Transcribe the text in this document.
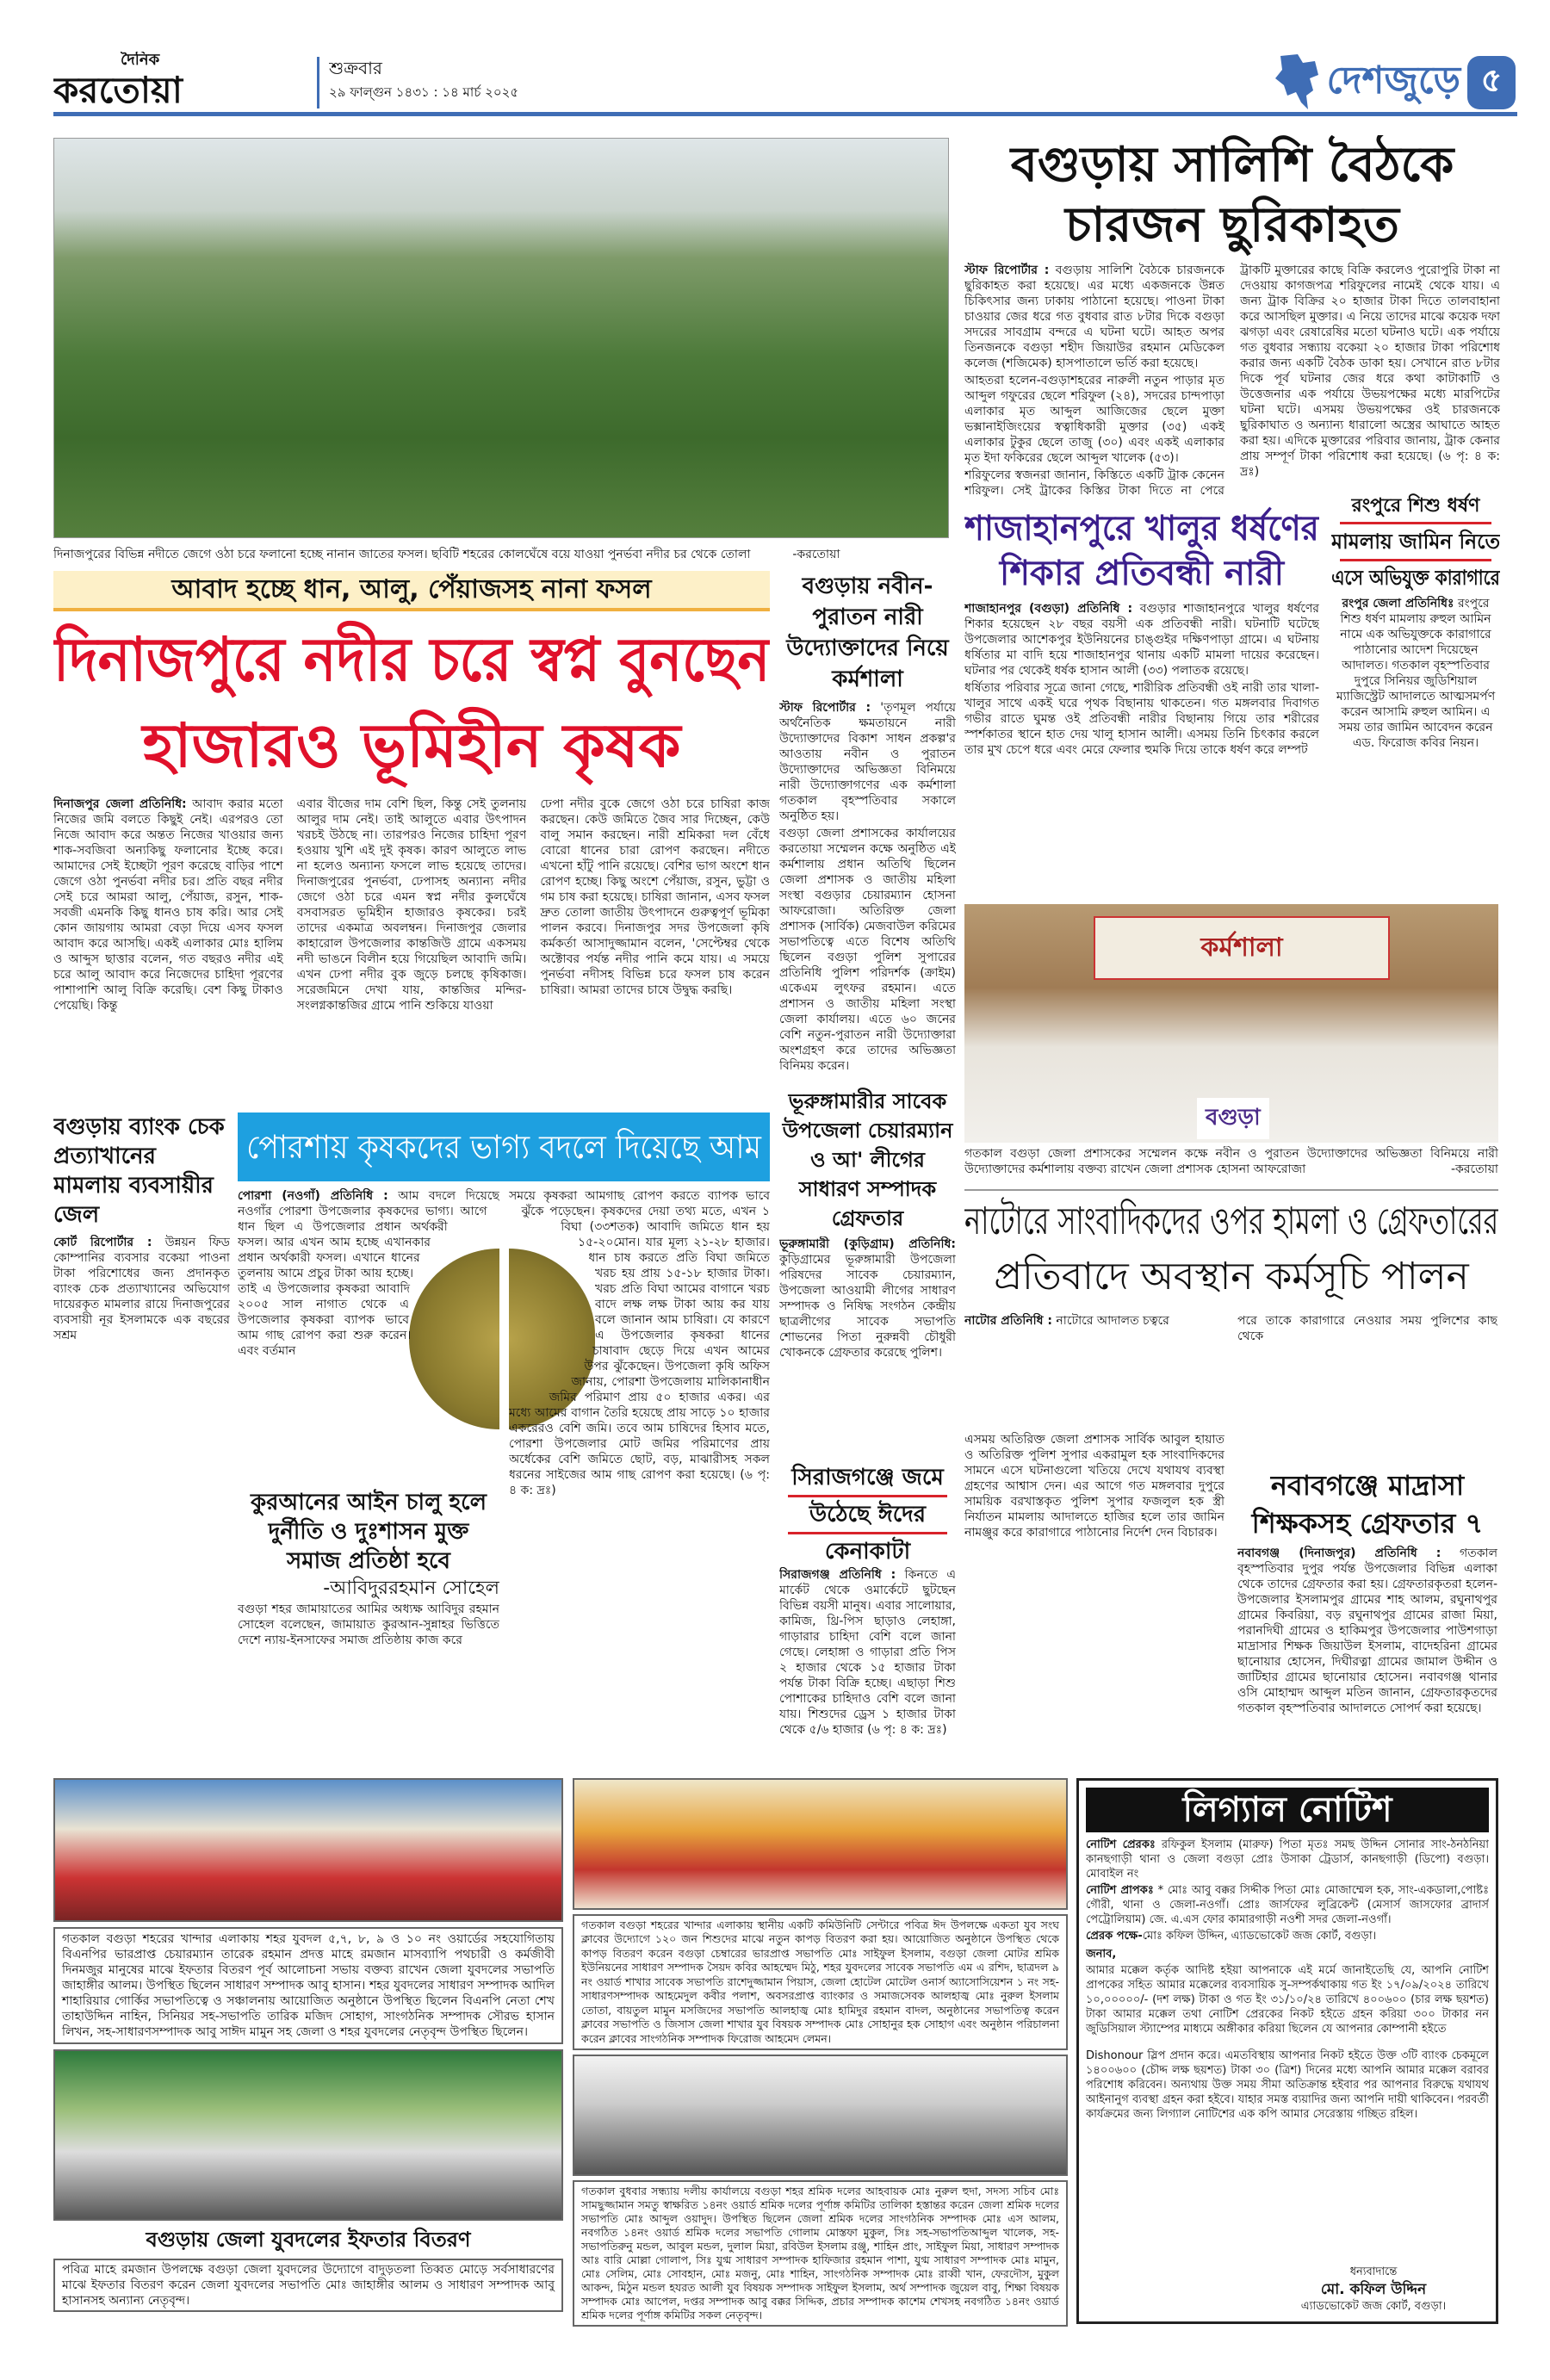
দৈনিক
করতোয়া
শুক্রবার
২৯ ফাল্গুন ১৪৩১ : ১৪ মার্চ ২০২৫	দেশজুড়ে ৫
দিনাজপুরের বিভিন্ন নদীতে জেগে ওঠা চরে ফলানো হচ্ছে নানান জাতের ফসল। ছবিটি শহরের কোলঘেঁষে বয়ে যাওয়া পুনর্ভবা নদীর চর থেকে তোলা	-করতোয়া
বগুড়ায় সালিশি বৈঠকে
চারজন ছুরিকাহত

স্টাফ রিপোর্টার : বগুড়ায় সালিশি বৈঠকে চারজনকে ছুরিকাহত করা হয়েছে। এর মধ্যে একজনকে উন্নত চিকিৎসার জন্য ঢাকায় পাঠানো হয়েছে। পাওনা টাকা চাওয়ার জের ধরে গত বুধবার রাত ৮টার দিকে বগুড়া সদরের সাবগ্রাম বন্দরে এ ঘটনা ঘটে। আহত অপর তিনজনকে বগুড়া শহীদ জিয়াউর রহমান মেডিকেল কলেজ (শজিমেক) হাসপাতালে ভর্তি করা হয়েছে।

আহতরা হলেন-বগুড়াশহরের নারুলী নতুন পাড়ার মৃত আব্দুল গফুরের ছেলে শরিফুল (২৪), সদরের চান্দপাড়া এলাকার মৃত আব্দুল আজিজের ছেলে মুক্তা ভক্সানাইজিংয়ের স্বত্বাধিকারী মুক্তার (৩৫) একই এলাকার টুকুর ছেলে তাজু (৩০) এবং একই এলাকার মৃত ইদা ফকিরের ছেলে আব্দুল খালেক (৫৩)।

শরিফুলের স্বজনরা জানান, কিস্তিতে একটি ট্রাক কেনেন শরিফুল। সেই ট্রাকের কিস্তির টাকা দিতে না পেরে ট্রাকটি মুক্তারের কাছে বিক্রি করলেও পুরোপুরি টাকা না দেওয়ায় কাগজপত্র শরিফুলের নামেই থেকে যায়। এ জন্য ট্রাক বিক্রির ২০ হাজার টাকা দিতে তালবাহানা করে আসছিল মুক্তার। এ নিয়ে তাদের মাঝে কয়েক দফা ঝগড়া এবং রেষারেষির মতো ঘটনাও ঘটে। এক পর্যায়ে গত বুধবার সন্ধ্যায় বকেয়া ২০ হাজার টাকা পরিশোধ করার জন্য একটি বৈঠক ডাকা হয়। সেখানে রাত ৮টার দিকে পূর্ব ঘটনার জের ধরে কথা কাটাকাটি ও উত্তেজনার এক পর্যায়ে উভয়পক্ষের মধ্যে মারপিটের ঘটনা ঘটে। এসময় উভয়পক্ষের ওই চারজনকে ছুরিকাঘাত ও অন্যান্য ধারালো অস্ত্রের আঘাতে আহত করা হয়। এদিকে মুক্তারের পরিবার জানায়, ট্রাক কেনার প্রায় সম্পূর্ণ টাকা পরিশোধ করা হয়েছে। (৬ পৃ: ৪ ক: দ্রঃ)

আবাদ হচ্ছে ধান, আলু, পেঁয়াজসহ নানা ফসল
দিনাজপুরে নদীর চরে স্বপ্ন বুনছেন
হাজারও ভূমিহীন কৃষক
দিনাজপুর জেলা প্রতিনিধি: আবাদ করার মতো নিজের জমি বলতে কিছুই নেই। এরপরও তো নিজে আবাদ করে অন্তত নিজের খাওয়ার জন্য শাক-সবজিবা অন্যকিছু ফলানোর ইচ্ছে করে। আমাদের সেই ইচ্ছেটা পূরণ করেছে বাড়ির পাশে জেগে ওঠা পুনর্ভবা নদীর চর। প্রতি বছর নদীর সেই চরে আমরা আলু, পেঁয়াজ, রসুন, শাক-সবজী এমনকি কিছু ধানও চাষ করি। আর সেই কোন জায়গায় আমরা বেড়া দিয়ে এসব ফসল আবাদ করে আসছি। একই এলাকার মোঃ হালিম ও আব্দুস ছাত্তার বলেন, গত বছরও নদীর এই চরে আলু আবাদ করে নিজেদের চাহিদা পূরণের পাশাপাশি আলু বিক্রি করেছি। বেশ কিছু টাকাও পেয়েছি। কিন্তু
এবার বীজের দাম বেশি ছিল, কিন্তু সেই তুলনায় আলুর দাম নেই। তাই আলুতে এবার উৎপাদন খরচই উঠছে না। তারপরও নিজের চাহিদা পূরণ হওয়ায় খুশি এই দুই কৃষক। কারণ আলুতে লাভ না হলেও অন্যান্য ফসলে লাভ হয়েছে তাদের। দিনাজপুরের পুনর্ভবা, ঢেপাসহ অন্যান্য নদীর জেগে ওঠা চরে এমন স্বপ্ন নদীর কুলঘেঁষে বসবাসরত ভূমিহীন হাজারও কৃষকের। চরই তাদের একমাত্র অবলম্বন। দিনাজপুর জেলার কাহারোল উপজেলার কান্তজিউ গ্রামে একসময় নদী ভাঙনে বিলীন হয়ে গিয়েছিল আবাদি জমি। এখন ঢেপা নদীর বুক জুড়ে চলছে কৃষিকাজ। সরেজমিনে দেখা যায়, কান্তজির মন্দির-সংলগ্নকান্তজির গ্রামে পানি শুকিয়ে যাওয়া
ঢেপা নদীর বুকে জেগে ওঠা চরে চাষিরা কাজ করছেন। কেউ জমিতে জৈব সার দিচ্ছেন, কেউ বালু সমান করছেন। নারী শ্রমিকরা দল বেঁধে বোরো ধানের চারা রোপণ করছেন। নদীতে এখনো হাঁটু পানি রয়েছে। বেশির ভাগ অংশে ধান রোপণ হচ্ছে। কিছু অংশে পেঁয়াজ, রসুন, ভুট্টা ও গম চাষ করা হয়েছে। চাষিরা জানান, এসব ফসল দ্রুত তোলা জাতীয় উৎপাদনে গুরুত্বপূর্ণ ভূমিকা পালন করবে। দিনাজপুর সদর উপজেলা কৃষি কর্মকর্তা আসাদুজ্জামান বলেন, 'সেপ্টেম্বর থেকে অক্টোবর পর্যন্ত নদীর পানি কমে যায়। এ সময়ে পুনর্ভবা নদীসহ বিভিন্ন চরে ফসল চাষ করেন চাষিরা। আমরা তাদের চাষে উদ্বুদ্ধ করছি।
বগুড়ায় নবীন-পুরাতন নারী উদ্যোক্তাদের নিয়ে কর্মশালা

স্টাফ রিপোর্টার : 'তৃণমূল পর্যায়ে অর্থনৈতিক ক্ষমতায়নে নারী উদ্যোক্তাদের বিকাশ সাধন প্রকল্প'র আওতায় নবীন ও পুরাতন উদ্যোক্তাদের অভিজ্ঞতা বিনিময়ে নারী উদ্যোক্তাগণের এক কর্মশালা গতকাল বৃহস্পতিবার সকালে অনুষ্ঠিত হয়।

বগুড়া জেলা প্রশাসকের কার্যালয়ের করতোয়া সম্মেলন কক্ষে অনুষ্ঠিত এই কর্মশালায় প্রধান অতিথি ছিলেন জেলা প্রশাসক ও জাতীয় মহিলা সংস্থা বগুড়ার চেয়ারম্যান হোসনা আফরোজা। অতিরিক্ত জেলা প্রশাসক (সার্বিক) মেজবাউল করিমের সভাপতিত্বে এতে বিশেষ অতিথি ছিলেন বগুড়া পুলিশ সুপারের প্রতিনিধি পুলিশ পরিদর্শক (ক্রাইম) একেএম লুৎফর রহমান। এতে প্রশাসন ও জাতীয় মহিলা সংস্থা জেলা কার্যালয়। এতে ৬০ জনের বেশি নতুন-পুরাতন নারী উদ্যোক্তারা অংশগ্রহণ করে তাদের অভিজ্ঞতা বিনিময় করেন।

শাজাহানপুরে খালুর ধর্ষণের
শিকার প্রতিবন্ধী নারী

শাজাহানপুর (বগুড়া) প্রতিনিধি : বগুড়ার শাজাহানপুরে খালুর ধর্ষণের শিকার হয়েছেন ২৮ বছর বয়সী এক প্রতিবন্ধী নারী। ঘটনাটি ঘটেছে উপজেলার আশেকপুর ইউনিয়নের চাঙ্গুইর দক্ষিণপাড়া গ্রামে। এ ঘটনায় ধর্ষিতার মা বাদি হয়ে শাজাহানপুর থানায় একটি মামলা দায়ের করেছেন। ঘটনার পর থেকেই ধর্ষক হাসান আলী (৩৩) পলাতক রয়েছে।

ধর্ষিতার পরিবার সূত্রে জানা গেছে, শারীরিক প্রতিবন্ধী ওই নারী তার খালা-খালুর সাথে একই ঘরে পৃথক বিছানায় থাকতেন। গত মঙ্গলবার দিবাগত গভীর রাতে ঘুমন্ত ওই প্রতিবন্ধী নারীর বিছানায় গিয়ে তার শরীরের স্পর্শকাতর স্থানে হাত দেয় খালু হাসান আলী। এসময় তিনি চিৎকার করলে তার মুখ চেপে ধরে এবং মেরে ফেলার হুমকি দিয়ে তাকে ধর্ষণ করে লম্পট

রংপুরে শিশু ধর্ষণ
মামলায় জামিন নিতে
এসে অভিযুক্ত কারাগারে
রংপুর জেলা প্রতিনিধিঃ রংপুরে শিশু ধর্ষণ মামলায় রুহুল আমিন নামে এক অভিযুক্তকে কারাগারে পাঠানোর আদেশ দিয়েছেন আদালত। গতকাল বৃহস্পতিবার দুপুরে সিনিয়র জুডিশিয়াল ম্যাজিস্ট্রেট আদালতে আত্মসমর্পণ করেন আসামি রুহুল আমিন। এ সময় তার জামিন আবেদন করেন এড. ফিরোজ কবির নিয়ন।
কর্মশালা
বগুড়া
গতকাল বগুড়া জেলা প্রশাসকের সম্মেলন কক্ষে নবীন ও পুরাতন উদ্যোক্তাদের অভিজ্ঞতা বিনিময়ে নারী উদ্যোক্তাদের কর্মশালায় বক্তব্য রাখেন জেলা প্রশাসক হোসনা আফরোজা	-করতোয়া
নাটোরে সাংবাদিকদের ওপর হামলা ও গ্রেফতারের
প্রতিবাদে অবস্থান কর্মসূচি পালন

নাটোর প্রতিনিধি : নাটোরে আদালত চত্বরে

এসময় অতিরিক্ত জেলা প্রশাসক সার্বিক আবুল হায়াত ও অতিরিক্ত পুলিশ সুপার একরামুল হক সাংবাদিকদের সামনে এসে ঘটনাগুলো খতিয়ে দেখে যথাযথ ব্যবস্থা গ্রহণের আশ্বাস দেন। এর আগে গত মঙ্গলবার দুপুরে সাময়িক বরখাস্তকৃত পুলিশ সুপার ফজলুল হক স্ত্রী নির্যাতন মামলায় আদালতে হাজির হলে তার জামিন নামঞ্জুর করে কারাগারে পাঠানোর নির্দেশ দেন বিচারক।

পরে তাকে কারাগারে নেওয়ার সময় পুলিশের কাছ থেকে

নবাবগঞ্জে মাদ্রাসা
শিক্ষকসহ গ্রেফতার ৭
নবাবগঞ্জ (দিনাজপুর) প্রতিনিধি : গতকাল বৃহস্পতিবার দুপুর পর্যন্ত উপজেলার বিভিন্ন এলাকা থেকে তাদের গ্রেফতার করা হয়। গ্রেফতারকৃতরা হলেন- উপজেলার ইসলামপুর গ্রামের শাহ আলম, রঘুনাথপুর গ্রামের কিবরিয়া, বড় রঘুনাথপুর গ্রামের রাজা মিয়া, পরানদিঘী গ্রামের ও হাকিমপুর উপজেলার পাউশগাড়া মাদ্রাসার শিক্ষক জিয়াউল ইসলাম, বাদেহরিনা গ্রামের ছানোয়ার হোসেন, দিঘীরত্না গ্রামের জামাল উদ্দীন ও জাটিহার গ্রামের ছানোয়ার হোসেন। নবাবগঞ্জ থানার ওসি মোহাম্মদ আব্দুল মতিন জানান, গ্রেফতারকৃতদের গতকাল বৃহস্পতিবার আদালতে সোপর্দ করা হয়েছে।
বগুড়ায় ব্যাংক চেক প্রত্যাখানের মামলায় ব্যবসায়ীর জেল
কোর্ট রিপোর্টার : উন্নয়ন ফিড কোম্পানির ব্যবসার বকেয়া পাওনা টাকা পরিশোধের জন্য প্রদানকৃত ব্যাংক চেক প্রত্যাখ্যানের অভিযোগ দায়েরকৃত মামলার রায়ে দিনাজপুরের ব্যবসায়ী নূর ইসলামকে এক বছরের সশ্রম
পোরশায় কৃষকদের ভাগ্য বদলে দিয়েছে আম
পোরশা (নওগাঁ) প্রতিনিধি : আম বদলে দিয়েছে নওগাঁর পোরশা উপজেলার কৃষকদের ভাগ্য। আগে ধান ছিল এ উপজেলার প্রধান অর্থকরী ফসল। আর এখন আম হচ্ছে এখানকার প্রধান অর্থকারী ফসল। এখানে ধানের তুলনায় আমে প্রচুর টাকা আয় হচ্ছে। তাই এ উপজেলার কৃষকরা আবাদি ২০০৫ সাল নাগাত থেকে এ উপজেলার কৃষকরা ব্যাপক ভাবে আম গাছ রোপণ করা শুরু করেন। এবং বর্তমান
সময়ে কৃষকরা আমগাছ রোপণ করতে ব্যাপক ভাবে ঝুঁকে পড়েছেন। কৃষকদের দেয়া তথ্য মতে, এখন ১ বিঘা (৩৩শতক) আবাদি জমিতে ধান হয় ১৫-২০মোন। যার মূল্য ২১-২৮ হাজার। ধান চাষ করতে প্রতি বিঘা জমিতে খরচ হয় প্রায় ১৫-১৮ হাজার টাকা। খরচ প্রতি বিঘা আমের বাগানে খরচ বাদে লক্ষ লক্ষ টাকা আয় কর যায় বলে জানান আম চাষিরা। যে কারণে এ উপজেলার কৃষকরা ধানের চাষাবাদ ছেড়ে দিয়ে এখন আমের উপর ঝুঁকেছেন। উপজেলা কৃষি অফিস জানায়, পোরশা উপজেলায় মালিকানাধীন জমির পরিমাণ প্রায় ৫০ হাজার একর। এর মধ্যে আমের বাগান তৈরি হয়েছে প্রায় সাড়ে ১০ হাজার একরেরও বেশি জমি। তবে আম চাষিদের হিসাব মতে, পোরশা উপজেলার মোট জমির পরিমাণের প্রায় অর্ধেকের বেশি জমিতে ছোট, বড়, মাঝারীসহ সকল ধরনের সাইজের আম গাছ রোপণ করা হয়েছে। (৬ পৃ: ৪ ক: দ্রঃ)
কুরআনের আইন চালু হলে দুর্নীতি ও দুঃশাসন মুক্ত সমাজ প্রতিষ্ঠা হবে
-আবিদুররহমান সোহেল
বগুড়া শহর জামায়াতের আমির অধ্যক্ষ আবিদুর রহমান সোহেল বলেছেন, জামায়াত কুরআন-সুন্নাহর ভিত্তিতে দেশে ন্যায়-ইনসাফের সমাজ প্রতিষ্ঠায় কাজ করে
ভূরুঙ্গামারীর সাবেক উপজেলা চেয়ারম্যান ও আ' লীগের সাধারণ সম্পাদক গ্রেফতার
ভূরুঙ্গামারী (কুড়িগ্রাম) প্রতিনিধি: কুড়িগ্রামের ভূরুঙ্গামারী উপজেলা পরিষদের সাবেক চেয়ারম্যান, উপজেলা আওয়ামী লীগের সাধারণ সম্পাদক ও নিষিদ্ধ সংগঠন কেন্দ্রীয় ছাত্রলীগের সাবেক সভাপতি শোভনের পিতা নুরুন্নবী চৌধুরী খোকনকে গ্রেফতার করেছে পুলিশ।
সিরাজগঞ্জে জমে
উঠেছে ঈদের
কেনাকাটা
সিরাজগঞ্জ প্রতিনিধি : কিনতে এ মার্কেট থেকে ওমার্কেটে ছুটছেন বিভিন্ন বয়সী মানুষ। এবার সালোয়ার, কামিজ, থ্রি-পিস ছাড়াও লেহাঙ্গা, গাড়ারার চাহিদা বেশি বলে জানা গেছে। লেহাঙ্গা ও গাড়ারা প্রতি পিস ২ হাজার থেকে ১৫ হাজার টাকা পর্যন্ত টাকা বিক্রি হচ্ছে। এছাড়া শিশু পোশাকের চাহিদাও বেশি বলে জানা যায়। শিশুদের ড্রেস ১ হাজার টাকা থেকে ৫/৬ হাজার (৬ পৃ: ৪ ক: দ্রঃ)
গতকাল বগুড়া শহরের খান্দার এলাকায় শহর যুবদল ৫,৭, ৮, ৯ ও ১০ নং ওয়ার্ডের সহযোগিতায় বিএনপির ভারপ্রাপ্ত চেয়ারম্যান তারেক রহমান প্রদত্ত মাহে রমজান মাসব্যাপি পথচারী ও কর্মজীবী দিনমজুর মানুষের মাঝে ইফতার বিতরণ পূর্ব আলোচনা সভায় বক্তব্য রাখেন জেলা যুবদলের সভাপতি জাহাঙ্গীর আলম। উপস্থিত ছিলেন সাধারণ সম্পাদক আবু হাসান। শহর যুবদলের সাধারণ সম্পাদক আদিল শাহারিয়ার গোর্কির সভাপতিত্বে ও সঞ্চালনায় আয়োজিত অনুষ্ঠানে উপস্থিত ছিলেন বিএনপি নেতা শেখ তাহাউদ্দিন নাহিন, সিনিয়র সহ-সভাপতি তারিক মজিদ সোহাগ, সাংগঠনিক সম্পাদক সৌরভ হাসান লিখন, সহ-সাধারণসম্পাদক আবু সাঈদ মামুন সহ জেলা ও শহর যুবদলের নেতৃবৃন্দ উপস্থিত ছিলেন।
বগুড়ায় জেলা যুবদলের ইফতার বিতরণ
পবিত্র মাহে রমজান উপলক্ষে বগুড়া জেলা যুবদলের উদ্যোগে বাদুড়তলা তিব্বত মোড়ে সর্বসাধারণের মাঝে ইফতার বিতরণ করেন জেলা যুবদলের সভাপতি মোঃ জাহাঙ্গীর আলম ও সাধারণ সম্পাদক আবু হাসানসহ অন্যান্য নেতৃবৃন্দ।
গতকাল বগুড়া শহরের খান্দার এলাকায় স্থানীয় একটি কমিউনিটি সেন্টারে পবিত্র ঈদ উপলক্ষে একতা যুব সংঘ ক্লাবের উদ্যোগে ১২০ জন শিশুদের মাঝে নতুন কাপড় বিতরণ করা হয়। আয়োজিত অনুষ্ঠানে উপস্থিত থেকে কাপড় বিতরণ করেন বগুড়া চেম্বারের ভারপ্রাপ্ত সভাপতি মোঃ সাইফুল ইসলাম, বগুড়া জেলা মোটর শ্রমিক ইউনিয়নের সাধারণ সম্পাদক সৈয়দ কবির আহম্মেদ মিঠু, শহর যুবদলের সাবেক সভাপতি এম এ রশিদ, ছাত্রদল ৯ নং ওয়ার্ড শাখার সাবেক সভাপতি রাশেদুজ্জামান পিয়াস, জেলা হোটেল মোটেল ওনার্স অ্যাসোসিয়েশন ১ নং সহ-সাধারণসম্পাদক আহমেদুল কবীর পলাশ, অবসরপ্রাপ্ত ব্যাংকার ও সমাজসেবক আলহাজ্ব মোঃ নুরুল ইসলাম তোতা, বায়তুল মামুন মসজিদের সভাপতি আলহাজ্ব মোঃ হামিদুর রহমান বাদল, অনুষ্ঠানের সভাপতিত্ব করেন ক্লাবের সভাপতি ও জিসাস জেলা শাখার যুব বিষয়ক সম্পাদক মোঃ সোহানুর হক সোহাগ এবং অনুষ্ঠান পরিচালনা করেন ক্লাবের সাংগঠনিক সম্পাদক ফিরোজ আহমেদ লেমন।
গতকাল বুধবার সন্ধ্যায় দলীয় কার্যালয়ে বগুড়া শহর শ্রমিক দলের আহবায়ক মোঃ নুরুল হুদা, সদস্য সচিব মোঃ সামছুজ্জামান সমতু স্বাক্ষরিত ১৪নং ওয়ার্ড শ্রমিক দলের পূর্ণাঙ্গ কমিটির তালিকা হস্তান্তর করেন জেলা শ্রমিক দলের সভাপতি মোঃ আব্দুল ওয়াদুদ। উপস্থিত ছিলেন জেলা শ্রমিক দলের সাংগঠনিক সম্পাদক মোঃ এস আলম, নবগঠিত ১৪নং ওয়ার্ড শ্রমিক দলের সভাপতি গোলাম মোস্তফা মুকুল, সিঃ সহ-সভাপতিআব্দুল খালেক, সহ-সভাপতিরুনু মন্ডল, আবুল মন্ডল, দুলাল মিয়া, রবিউল ইসলাম রঞ্জু, শাহিন প্রাং, সাইফুল মিয়া, সাধারণ সম্পাদক আঃ বারি মোল্লা গোলাপ, সিঃ যুগ্ম সাধারণ সম্পাদক হাফিজার রহমান পাশা, যুগ্ম সাধারণ সম্পাদক মোঃ মামুন, মোঃ সেলিম, মোঃ সোবহান, মোঃ মজনু, মোঃ শাহিন, সাংগঠনিক সম্পাদক মোঃ রাব্বী খান, ফেরদৌস, মুকুল আকন্দ, মিঠুন মন্ডল হযরত আলী যুব বিষয়ক সম্পাদক সাইফুল ইসলাম, অর্থ সম্পাদক জুয়েল বাবু, শিক্ষা বিষয়ক সম্পাদক মোঃ আপেল, দপ্তর সম্পাদক আবু বক্কর সিদ্দিক, প্রচার সম্পাদক কাশেম শেখসহ নবগঠিত ১৪নং ওয়ার্ড শ্রমিক দলের পূর্ণাঙ্গ কমিটির সকল নেতৃবৃন্দ।
লিগ্যাল নোটিশ

নোটিশ প্রেরকঃ রফিকুল ইসলাম (মারুফ) পিতা মৃতঃ সমছ উদ্দিন সোনার সাং-ঠনঠনিয়া কানছগাড়ী থানা ও জেলা বগুড়া প্রোঃ উসাকা ট্রেডার্স, কানছগাড়ী (ডিপো) বগুড়া। মোবাইল নং

নোটিশ প্রাপকঃ * মোঃ আবু বক্কর সিদ্দীক পিতা মোঃ মোজাম্মেল হক, সাং-একডালা,পোষ্টঃ গৌরী, থানা ও জেলা-নওগাঁ। প্রোঃ জার্সফের লুব্রিকেন্ট (মেসার্স জাসফোর ব্রাদার্স পেট্রোলিয়াম) জে. এ.এস ফোর কামারগাড়ী নওশী সদর জেলা-নওগাঁ।

প্রেরক পক্ষে-মোঃ কফিল উদ্দিন, এ্যাডভোকেট জজ কোর্ট, বগুড়া।

জনাব,

আমার মক্কেল কর্তৃক আদিষ্ট হইয়া আপনাকে এই মর্মে জানাইতেছি যে, আপনি নোটিশ প্রাপকের সহিত আমার মক্কেলের ব্যবসায়িক সু-সম্পর্কথাকায় গত ইং ১৭/০৯/২০২৪ তারিখে ১০,০০০০০/- (দশ লক্ষ) টাকা ও গত ইং ৩১/১০/২৪ তারিখে ৪০০৬০০ (চার লক্ষ ছয়শত) টাকা আমার মক্কেল তথা নোটিশ প্রেরকের নিকট হইতে গ্রহন করিয়া ৩০০ টাকার নন জুডিসিয়াল স্ট্যাম্পের মাধ্যমে অঙ্গীকার করিয়া ছিলেন যে আপনার কোম্পানী হইতে

Dishonour স্লিপ প্রদান করে। এমতবিস্থায় আপনার নিকট হইতে উক্ত ৩টি ব্যাংক চেকমূলে ১৪০০৬০০ (চৌদ্দ লক্ষ ছয়শত) টাকা ৩০ (ত্রিশ) দিনের মধ্যে আপনি আমার মক্কেল বরাবর পরিশোধ করিবেন। অন্যথায় উক্ত সময় সীমা অতিক্রান্ত হইবার পর আপনার বিরুদ্ধে যথাযথ আইনানুগ ব্যবস্থা গ্রহন করা হইবে। যাহার সমস্ত ব্যয়াদির জন্য আপনি দায়ী থাকিবেন। পরবর্তী কার্যক্রমের জন্য লিগ্যাল নোটিশের এক কপি আমার সেরেস্তায় গচ্ছিত রহিল।

ধন্যবাদান্তে
মো. কফিল উদ্দিন
এ্যাডভোকেট জজ কোর্ট, বগুড়া।
